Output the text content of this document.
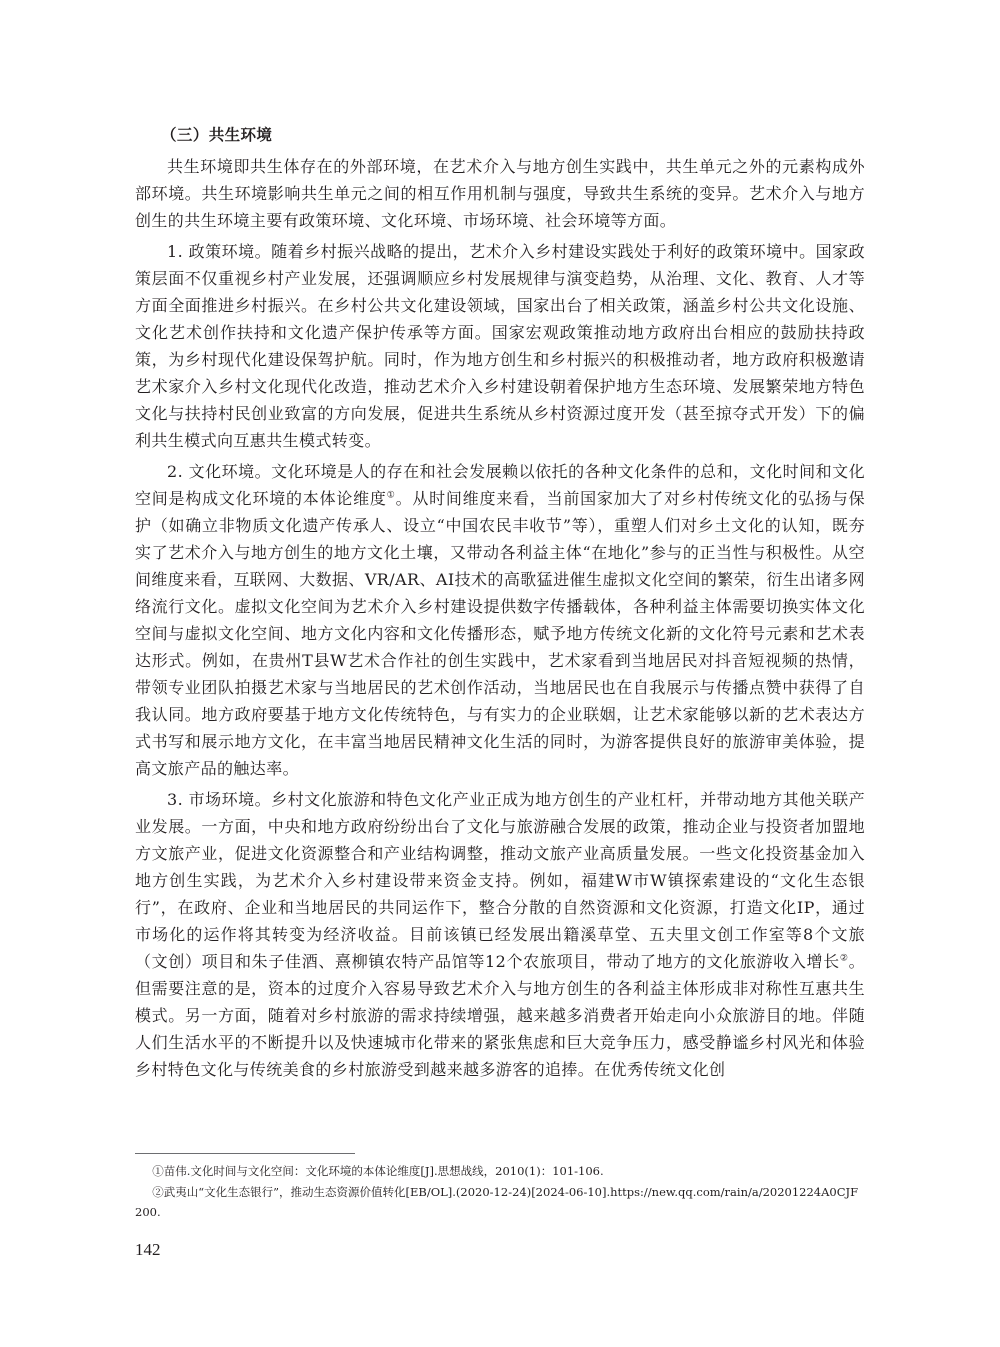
（三）共生环境

共生环境即共生体存在的外部环境，在艺术介入与地方创生实践中，共生单元之外的元素构成外部环境。共生环境影响共生单元之间的相互作用机制与强度，导致共生系统的变异。艺术介入与地方创生的共生环境主要有政策环境、文化环境、市场环境、社会环境等方面。

1. 政策环境。随着乡村振兴战略的提出，艺术介入乡村建设实践处于利好的政策环境中。国家政策层面不仅重视乡村产业发展，还强调顺应乡村发展规律与演变趋势，从治理、文化、教育、人才等方面全面推进乡村振兴。在乡村公共文化建设领域，国家出台了相关政策，涵盖乡村公共文化设施、文化艺术创作扶持和文化遗产保护传承等方面。国家宏观政策推动地方政府出台相应的鼓励扶持政策，为乡村现代化建设保驾护航。同时，作为地方创生和乡村振兴的积极推动者，地方政府积极邀请艺术家介入乡村文化现代化改造，推动艺术介入乡村建设朝着保护地方生态环境、发展繁荣地方特色文化与扶持村民创业致富的方向发展，促进共生系统从乡村资源过度开发（甚至掠夺式开发）下的偏利共生模式向互惠共生模式转变。

2. 文化环境。文化环境是人的存在和社会发展赖以依托的各种文化条件的总和，文化时间和文化空间是构成文化环境的本体论维度①。从时间维度来看，当前国家加大了对乡村传统文化的弘扬与保护（如确立非物质文化遗产传承人、设立“中国农民丰收节”等），重塑人们对乡土文化的认知，既夯实了艺术介入与地方创生的地方文化土壤，又带动各利益主体“在地化”参与的正当性与积极性。从空间维度来看，互联网、大数据、VR/AR、AI技术的高歌猛进催生虚拟文化空间的繁荣，衍生出诸多网络流行文化。虚拟文化空间为艺术介入乡村建设提供数字传播载体，各种利益主体需要切换实体文化空间与虚拟文化空间、地方文化内容和文化传播形态，赋予地方传统文化新的文化符号元素和艺术表达形式。例如，在贵州T县W艺术合作社的创生实践中，艺术家看到当地居民对抖音短视频的热情，带领专业团队拍摄艺术家与当地居民的艺术创作活动，当地居民也在自我展示与传播点赞中获得了自我认同。地方政府要基于地方文化传统特色，与有实力的企业联姻，让艺术家能够以新的艺术表达方式书写和展示地方文化，在丰富当地居民精神文化生活的同时，为游客提供良好的旅游审美体验，提高文旅产品的触达率。

3. 市场环境。乡村文化旅游和特色文化产业正成为地方创生的产业杠杆，并带动地方其他关联产业发展。一方面，中央和地方政府纷纷出台了文化与旅游融合发展的政策，推动企业与投资者加盟地方文旅产业，促进文化资源整合和产业结构调整，推动文旅产业高质量发展。一些文化投资基金加入地方创生实践，为艺术介入乡村建设带来资金支持。例如，福建W市W镇探索建设的“文化生态银行”，在政府、企业和当地居民的共同运作下，整合分散的自然资源和文化资源，打造文化IP，通过市场化的运作将其转变为经济收益。目前该镇已经发展出籍溪草堂、五夫里文创工作室等8个文旅（文创）项目和朱子佳酒、熹柳镇农特产品馆等12个农旅项目，带动了地方的文化旅游收入增长②。但需要注意的是，资本的过度介入容易导致艺术介入与地方创生的各利益主体形成非对称性互惠共生模式。另一方面，随着对乡村旅游的需求持续增强，越来越多消费者开始走向小众旅游目的地。伴随人们生活水平的不断提升以及快速城市化带来的紧张焦虑和巨大竞争压力，感受静谧乡村风光和体验乡村特色文化与传统美食的乡村旅游受到越来越多游客的追捧。在优秀传统文化创

①苗伟.文化时间与文化空间：文化环境的本体论维度[J].思想战线，2010(1)：101-106.

②武夷山“文化生态银行”，推动生态资源价值转化[EB/OL].(2020-12-24)[2024-06-10].https://new.qq.com/rain/a/20201224A0CJF200.

142
